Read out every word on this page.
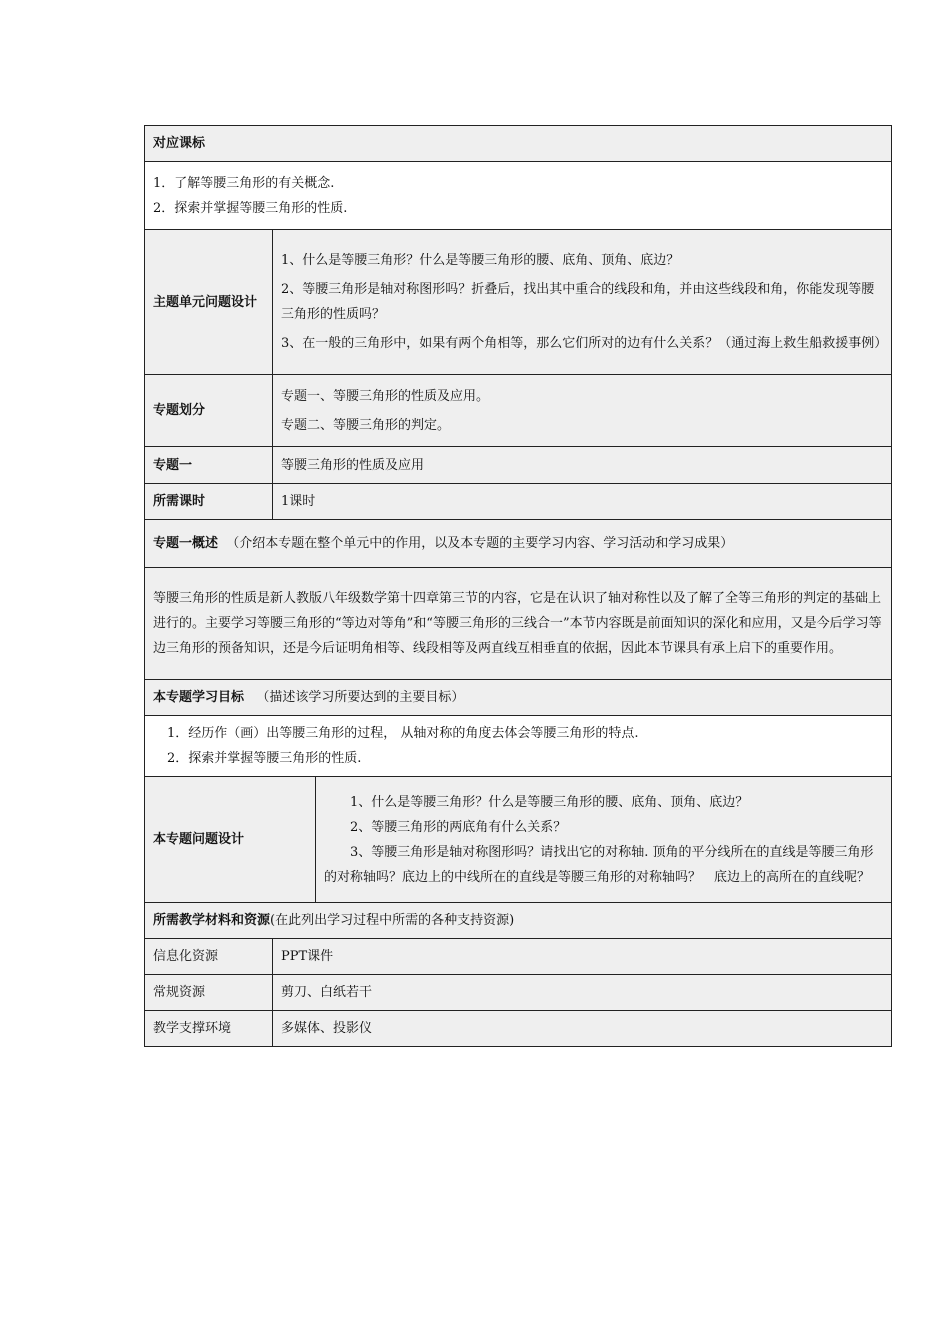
对应课标		

1．了解等腰三角形的有关概念.

2．探索并掌握等腰三角形的性质.		

主题单元问题设计	1、什么是等腰三角形？什么是等腰三角形的腰、底角、顶角、底边？

2、等腰三角形是轴对称图形吗？折叠后，找出其中重合的线段和角，并由这些线段和角，你能发现等腰三角形的性质吗？

3、在一般的三角形中，如果有两个角相等，那么它们所对的边有什么关系？（通过海上救生船救援事例）	

专题划分	专题一、等腰三角形的性质及应用。

专题二、等腰三角形的判定。	

专题一	等腰三角形的性质及应用	
所需课时	1课时	
专题一概述 （介绍本专题在整个单元中的作用，以及本专题的主要学习内容、学习活动和学习成果）		
等腰三角形的性质是新人教版八年级数学第十四章第三节的内容，它是在认识了轴对称性以及了解了全等三角形的判定的基础上进行的。主要学习等腰三角形的“等边对等角”和“等腰三角形的三线合一”本节内容既是前面知识的深化和应用，又是今后学习等边三角形的预备知识，还是今后证明角相等、线段相等及两直线互相垂直的依据，因此本节课具有承上启下的重要作用。		
本专题学习目标 （描述该学习所要达到的主要目标）		

1．经历作（画）出等腰三角形的过程， 从轴对称的角度去体会等腰三角形的特点.

2．探索并掌握等腰三角形的性质.		

本专题问题设计		1、什么是等腰三角形？什么是等腰三角形的腰、底角、顶角、底边？

2、等腰三角形的两底角有什么关系？

3、等腰三角形是轴对称图形吗？请找出它的对称轴. 顶角的平分线所在的直线是等腰三角形的对称轴吗？底边上的中线所在的直线是等腰三角形的对称轴吗？　底边上的高所在的直线呢？

所需教学材料和资源(在此列出学习过程中所需的各种支持资源)		
信息化资源	PPT课件	
常规资源	剪刀、白纸若干	
教学支撑环境	多媒体、投影仪	
